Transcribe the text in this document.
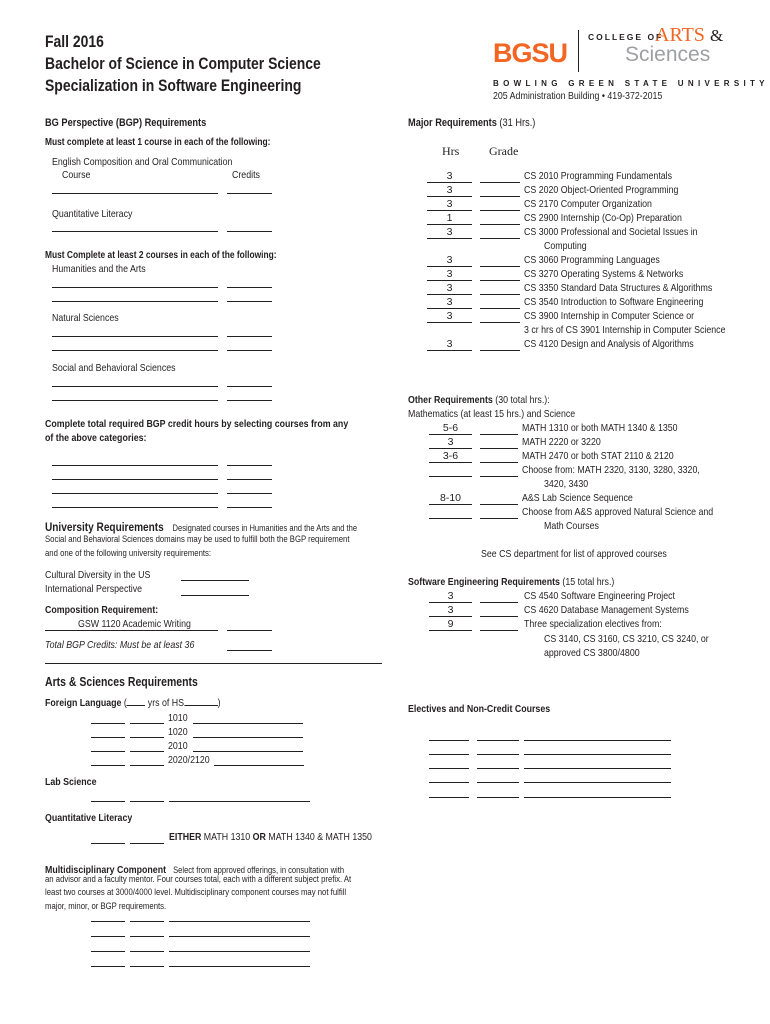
Fall 2016
Bachelor of Science in Computer Science
Specialization in Software Engineering
BGSU
COLLEGE OF
ARTS &
Sciences
BOWLING GREEN STATE UNIVERSITY
205 Administration Building • 419-372-2015
BG Perspective (BGP) Requirements
Must complete at least 1 course in each of the following:
English Composition and Oral Communication
Course	Credits
Quantitative Literacy
Must Complete at least 2 courses in each of the following:
Humanities and the Arts
Natural Sciences
Social and Behavioral Sciences
Complete total required BGP credit hours by selecting courses from any
of the above categories:
University Requirements Designated courses in Humanities and the Arts and the
Social and Behavioral Sciences domains may be used to fulfill both the BGP requirement
and one of the following university requirements:
Cultural Diversity in the US
International Perspective
Composition Requirement:
GSW 1120 Academic Writing
Total BGP Credits: Must be at least 36
Arts & Sciences Requirements
Foreign Language ( yrs of HS	)
1010
1020
2010
2020/2120
Lab Science
Quantitative Literacy
EITHER MATH 1310 OR MATH 1340 & MATH 1350
Multidisciplinary Component Select from approved offerings, in consultation with
an advisor and a faculty mentor. Four courses total, each with a different subject prefix. At
least two courses at 3000/4000 level. Multidisciplinary component courses may not fulfill
major, minor, or BGP requirements.
Major Requirements (31 Hrs.)
Hrs Grade
3	CS 2010 Programming Fundamentals
3	CS 2020 Object-Oriented Programming
3	CS 2170 Computer Organization
1	CS 2900 Internship (Co-Op) Preparation
3	CS 3000 Professional and Societal Issues in
Computing
3	CS 3060 Programming Languages
3	CS 3270 Operating Systems & Networks
3	CS 3350 Standard Data Structures & Algorithms
3	CS 3540 Introduction to Software Engineering
3	CS 3900 Internship in Computer Science or
3 cr hrs of CS 3901 Internship in Computer Science
3	CS 4120 Design and Analysis of Algorithms
Other Requirements (30 total hrs.):
Mathematics (at least 15 hrs.) and Science
5-6	MATH 1310 or both MATH 1340 & 1350
3	MATH 2220 or 3220
3-6	MATH 2470 or both STAT 2110 & 2120
Choose from: MATH 2320, 3130, 3280, 3320,
3420, 3430
8-10	A&S Lab Science Sequence
Choose from A&S approved Natural Science and
Math Courses
See CS department for list of approved courses
Software Engineering Requirements (15 total hrs.)
3	CS 4540 Software Engineering Project
3	CS 4620 Database Management Systems
9	Three specialization electives from:
CS 3140, CS 3160, CS 3210, CS 3240, or
approved CS 3800/4800
Electives and Non-Credit Courses
